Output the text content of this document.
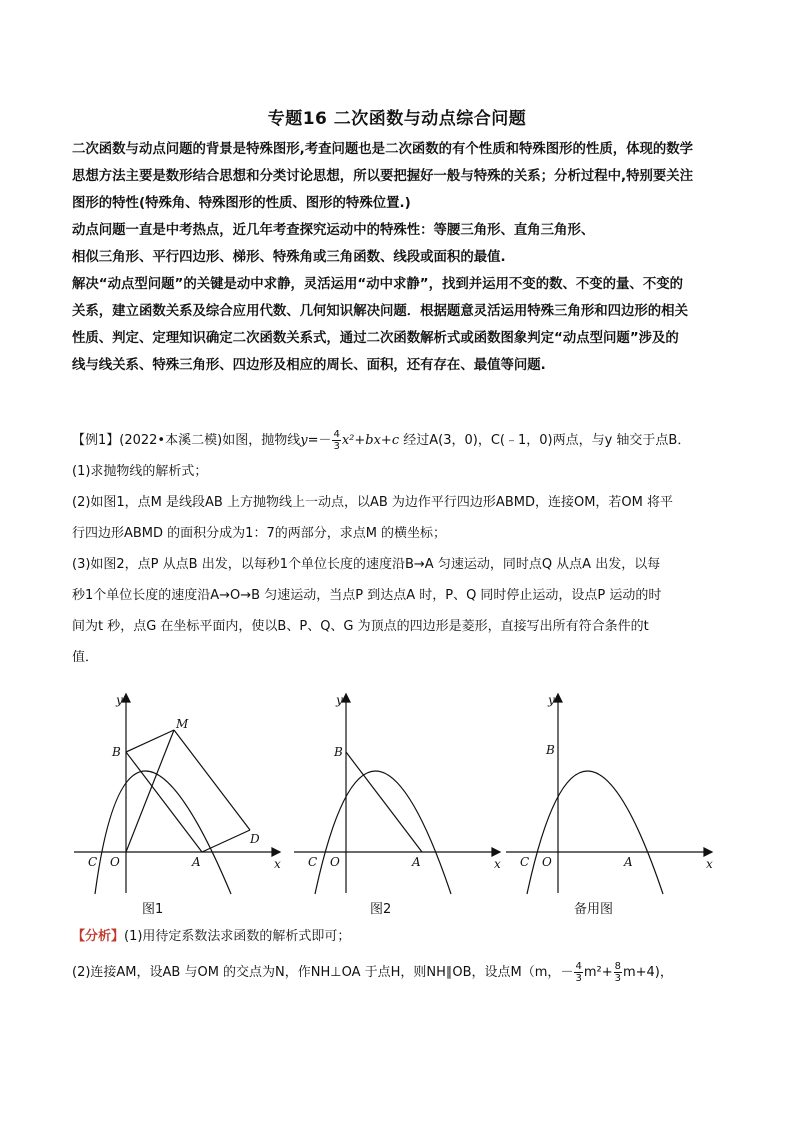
专题16 二次函数与动点综合问题
二次函数与动点问题的背景是特殊图形,考查问题也是二次函数的有个性质和特殊图形的性质，体现的数学
思想方法主要是数形结合思想和分类讨论思想，所以要把握好一般与特殊的关系；分析过程中,特别要关注
图形的特性(特殊角、特殊图形的性质、图形的特殊位置.)
动点问题一直是中考热点，近几年考查探究运动中的特殊性：等腰三角形、直角三角形、
相似三角形、平行四边形、梯形、特殊角或三角函数、线段或面积的最值.
解决“动点型问题”的关键是动中求静，灵活运用“动中求静”，找到并运用不变的数、不变的量、不变的
关系，建立函数关系及综合应用代数、几何知识解决问题．根据题意灵活运用特殊三角形和四边形的相关
性质、判定、定理知识确定二次函数关系式，通过二次函数解析式或函数图象判定“动点型问题”涉及的
线与线关系、特殊三角形、四边形及相应的周长、面积，还有存在、最值等问题.
【例1】(2022•本溪二模)如图，抛物线$y=- \frac{4}{3} x^2+bx+c$ 经过A(3，0)，C(﹣1，0)两点，与y 轴交于点B．
(1)求抛物线的解析式；
(2)如图1，点M 是线段AB 上方抛物线上一动点，以AB 为边作平行四边形ABMD，连接OM，若OM 将平
行四边形ABMD 的面积分成为1：7的两部分，求点M 的横坐标；
(3)如图2，点P 从点B 出发，以每秒1个单位长度的速度沿B→A 匀速运动，同时点Q 从点A 出发，以每
秒1个单位长度的速度沿A→O→B 匀速运动，当点P 到达点A 时，P、Q 同时停止运动，设点P 运动的时
间为t 秒，点G 在坐标平面内，使以B、P、Q、G 为顶点的四边形是菱形，直接写出所有符合条件的t
值．
y
x
B
M
D
A
O
C
y
x
B
A
O
C
y
x
B
A
O
C
图1	图2	备用图
【分析】(1)用待定系数法求函数的解析式即可；
(2)连接AM，设AB 与OM 的交点为N，作NH⊥OA 于点H，则NH∥OB，设点M（m，－ $\frac{4}{3} m^2+ \frac{8}{3} m+4$)，
